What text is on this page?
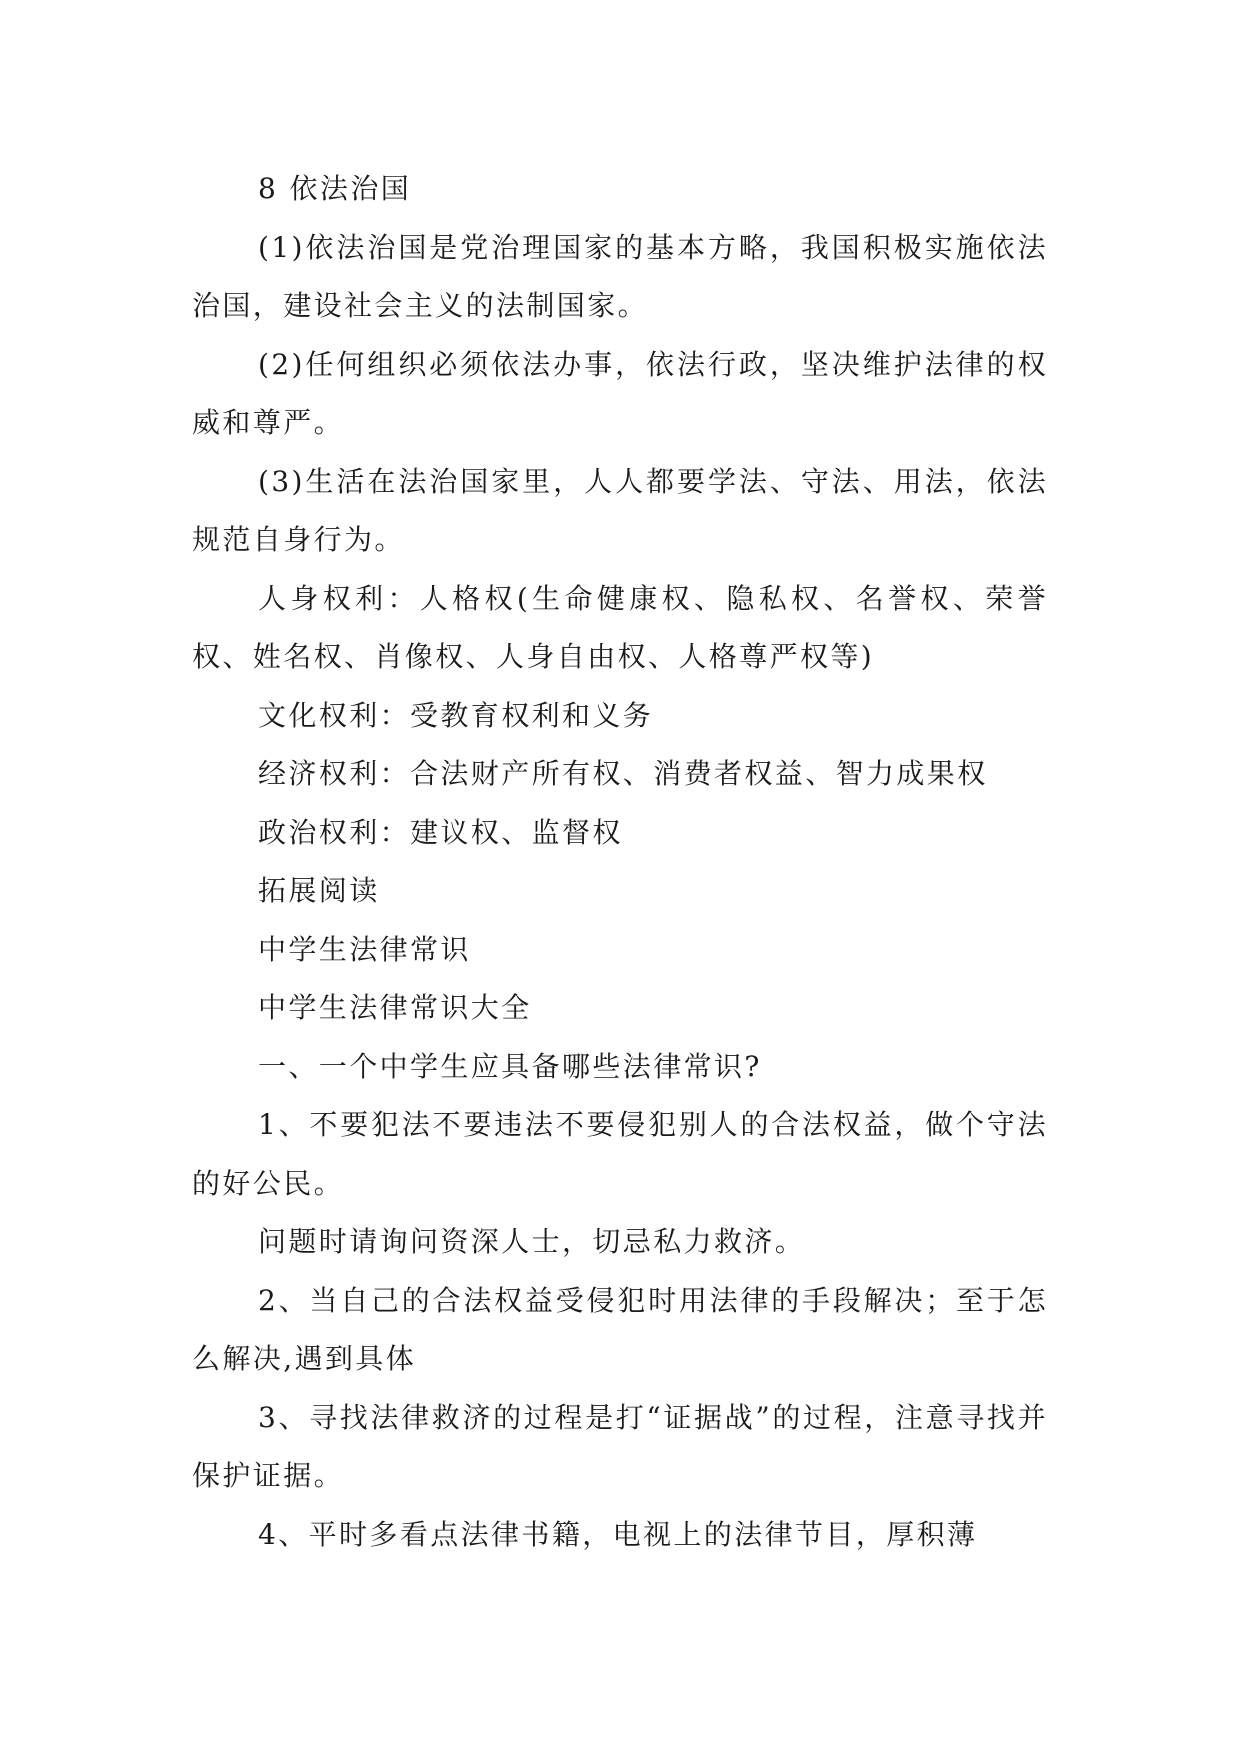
8 依法治国

(1)依法治国是党治理国家的基本方略，我国积极实施依法治国，建设社会主义的法制国家。

(2)任何组织必须依法办事，依法行政，坚决维护法律的权威和尊严。

(3)生活在法治国家里，人人都要学法、守法、用法，依法规范自身行为。

人身权利：人格权(生命健康权、隐私权、名誉权、荣誉权、姓名权、肖像权、人身自由权、人格尊严权等)

文化权利：受教育权利和义务

经济权利：合法财产所有权、消费者权益、智力成果权

政治权利：建议权、监督权

拓展阅读

中学生法律常识

中学生法律常识大全

一、一个中学生应具备哪些法律常识?

1、不要犯法不要违法不要侵犯别人的合法权益，做个守法的好公民。

问题时请询问资深人士，切忌私力救济。

2、当自己的合法权益受侵犯时用法律的手段解决；至于怎么解决,遇到具体

3、寻找法律救济的过程是打“证据战”的过程，注意寻找并保护证据。

4、平时多看点法律书籍，电视上的法律节目，厚积薄
